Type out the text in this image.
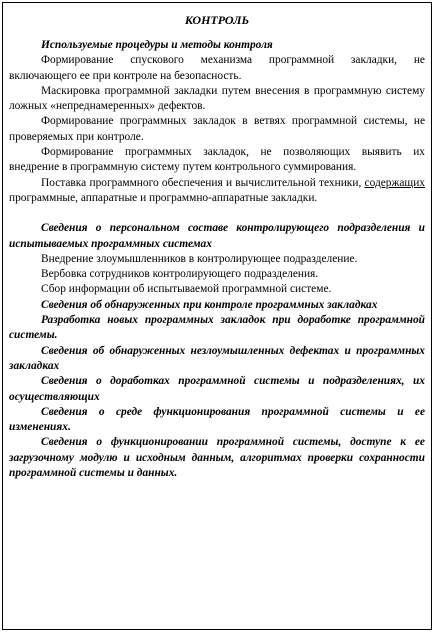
КОНТРОЛЬ
Используемые процедуры и методы контроля
Формирование спускового механизма программной закладки, не включающего ее при контроле на безопасность.
Маскировка программной закладки путем внесения в программную систему ложных «непреднамеренных» дефектов.
Формирование программных закладок в ветвях программной системы, не проверяемых при контроле.
Формирование программных закладок, не позволяющих выявить их внедрение в программную систему путем контрольного суммирования.
Поставка программного обеспечения и вычислительной техники, содержащих программные, аппаратные и программно-аппаратные закладки.
Сведения о персональном составе контролирующего подразделения и испытываемых программных системах
Внедрение злоумышленников в контролирующее подразделение.
Вербовка сотрудников контролирующего подразделения.
Сбор информации об испытываемой программной системе.
Сведения об обнаруженных при контроле программных закладках
Разработка новых программных закладок при доработке программной системы.
Сведения об обнаруженных незлоумышленных дефектах и программных закладках
Сведения о доработках программной системы и подразделениях, их осуществляющих
Сведения о среде функционирования программной системы и ее изменениях.
Сведения о функционировании программной системы, доступе к ее загрузочному модулю и исходным данным, алгоритмах проверки сохранности программной системы и данных.
